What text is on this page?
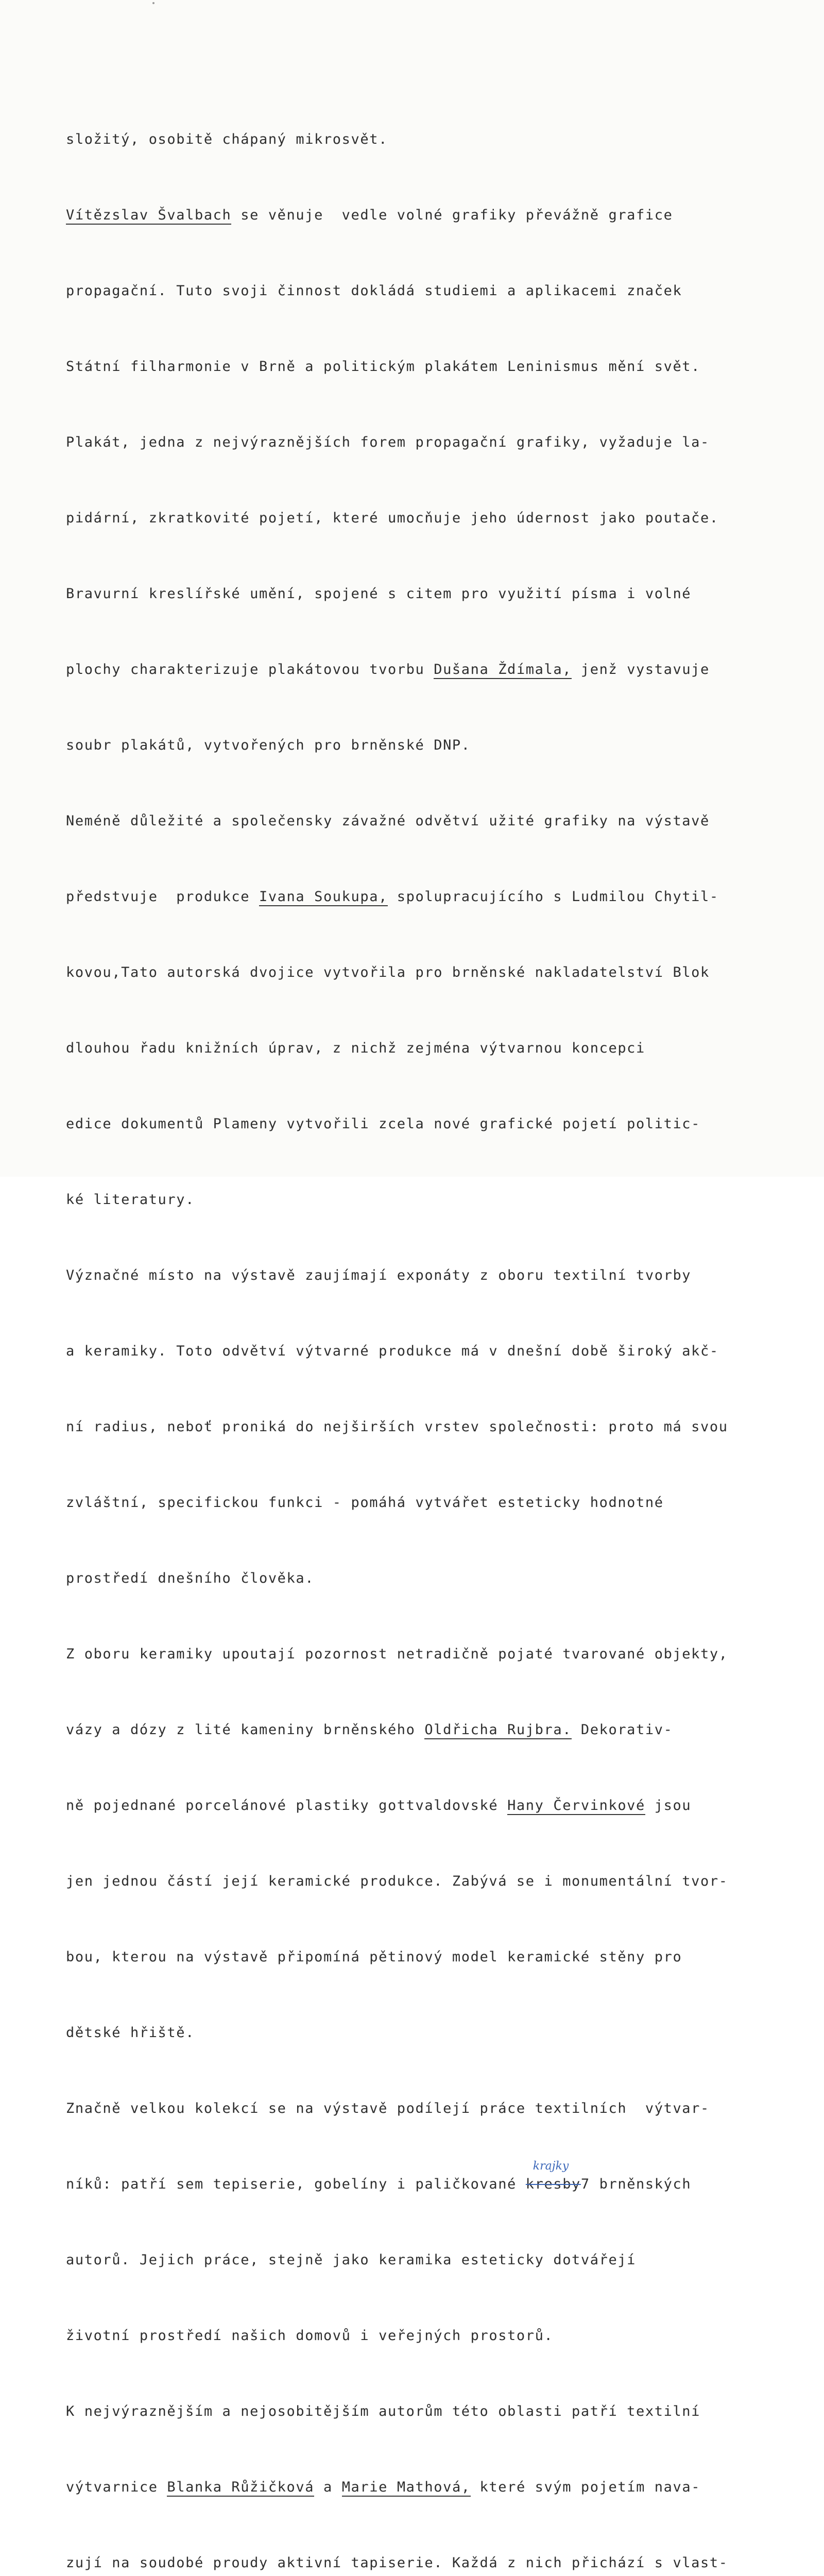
složitý, osobitě chápaný mikrosvět.

Vítězslav Švalbach se věnuje  vedle volné grafiky převážně grafice

propagační. Tuto svoji činnost dokládá studiemi a aplikacemi značek

Státní filharmonie v Brně a politickým plakátem Leninismus mění svět.

Plakát, jedna z nejvýraznějších forem propagační grafiky, vyžaduje la-

pidární, zkratkovité pojetí, které umocňuje jeho údernost jako poutače.

Bravurní kreslířské umění, spojené s citem pro využití písma i volné

plochy charakterizuje plakátovou tvorbu Dušana Ždímala, jenž vystavuje

soubr plakátů, vytvořených pro brněnské DNP.

Neméně důležité a společensky závažné odvětví užité grafiky na výstavě

předstvuje  produkce Ivana Soukupa, spolupracujícího s Ludmilou Chytil-

kovou,Tato autorská dvojice vytvořila pro brněnské nakladatelství Blok

dlouhou řadu knižních úprav, z nichž zejména výtvarnou koncepci

edice dokumentů Plameny vytvořili zcela nové grafické pojetí politic-

ké literatury.

Význačné místo na výstavě zaujímají exponáty z oboru textilní tvorby

a keramiky. Toto odvětví výtvarné produkce má v dnešní době široký akč-

ní radius, neboť proniká do nejširších vrstev společnosti: proto má svou

zvláštní, specifickou funkci - pomáhá vytvářet esteticky hodnotné

prostředí dnešního člověka.

Z oboru keramiky upoutají pozornost netradičně pojaté tvarované objekty,

vázy a dózy z lité kameniny brněnského Oldřicha Rujbra. Dekorativ-

ně pojednané porcelánové plastiky gottvaldovské Hany Červinkové jsou

jen jednou částí její keramické produkce. Zabývá se i monumentální tvor-

bou, kterou na výstavě připomíná pětinový model keramické stěny pro

dětské hřiště.

Značně velkou kolekcí se na výstavě podílejí práce textilních  výtvar-

níků: patří sem tepiserie, gobelíny i paličkované
krajky
kresby7 brněnských

autorů. Jejich práce, stejně jako keramika esteticky dotvářejí

životní prostředí našich domovů i veřejných prostorů.

K nejvýraznějším a nejosobitějším autorům této oblasti patří textilní

výtvarnice Blanka Růžičková a Marie Mathová, které svým pojetím nava-

zují na soudobé proudy aktivní tapiserie. Každá z nich přichází s vlast-
